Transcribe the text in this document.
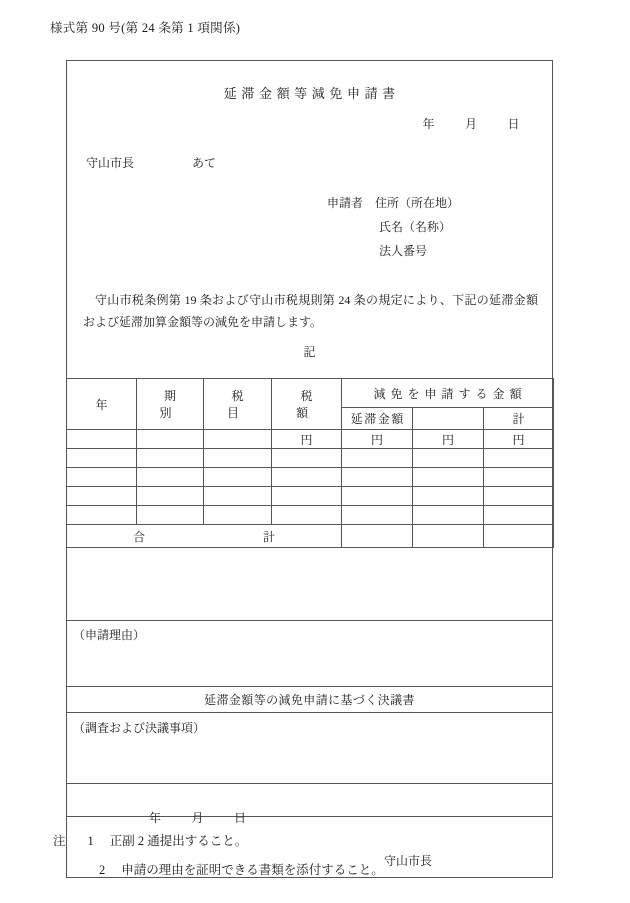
様式第 90 号(第 24 条第 1 項関係)
延滞金額等減免申請書
年	月	日
守山市長	あて
申請者 住所（所在地）
氏名（名称）
法人番号
守山市税条例第 19 条および守山市税規則第 24 条の規定により、下記の延滞金額および延滞加算金額等の減免を申請します。
記
年	期　別	税　目	税　額	減免を申請する金額		
				延滞金額		計
			円	円	円	円

合 計						
（申請理由）
延滞金額等の減免申請に基づく決議書
（調査および決議事項）
年	月	日
守山市長
注 1 正副 2 通提出すること。
2 申請の理由を証明できる書類を添付すること。
